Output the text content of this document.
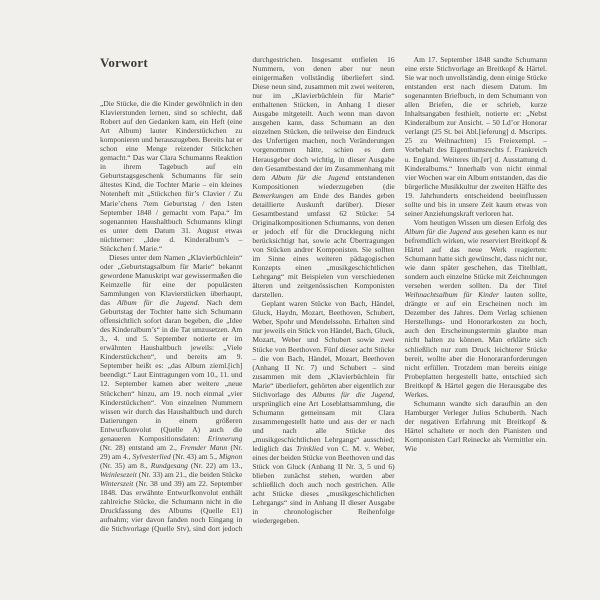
Vorwort

„Die Stücke, die die Kinder gewöhnlich in den Klavierstunden lernen, sind so schlecht, daß Robert auf den Gedanken kam, ein Heft (eine Art Album) lauter Kinderstückchen zu komponieren und herauszugeben. Bereits hat er schon eine Menge reizender Stückchen gemacht.“ Das war Clara Schumanns Reaktion in ihrem Tagebuch auf ein Geburtstagsgeschenk Schumanns für sein ältestes Kind, die Tochter Marie – ein kleines Notenheft mit „Stückchen für’s Clavier / Zu Marie’chens 7tem Geburtstag / den 1sten September 1848 / gemacht vom Papa.“ Im sogenannten Haushaltbuch Schumanns klingt es unter dem Datum 31. August etwas nüchterner: „Idee d. Kinderalbum’s – Stückchen f. Marie.“

Dieses unter dem Namen „Klavierbüchlein“ oder „Geburtstagsalbum für Marie“ bekannt gewordene Manuskript war gewissermaßen die Keimzelle für eine der populärsten Sammlungen von Klavierstücken überhaupt, das Album für die Jugend. Nach dem Geburtstag der Tochter hatte sich Schumann offensichtlich sofort daran begeben, die „Idee des Kinderalbum’s“ in die Tat umzusetzen. Am 3., 4. und 5. September notierte er im erwähnten Haushaltbuch jeweils: „Viele Kinderstückchen“, und bereits am 9. September heißt es: „das Album zieml.[ich] beendigt.“ Laut Eintragungen vom 10., 11. und 12. September kamen aber weitere „neue Stückchen“ hinzu, am 19. noch einmal „vier Kinderstückchen“. Von einzelnen Nummern wissen wir durch das Haushaltbuch und durch Datierungen in einem größeren Entwurfkonvolut (Quelle A) auch die genaueren Kompositionsdaten: Erinnerung (Nr. 28) entstand am 2., Fremder Mann (Nr. 29) am 4., Sylvesterlied (Nr. 43) am 5., Mignon (Nr. 35) am 8., Rundgesang (Nr. 22) am 13., Weinlesezeit (Nr. 33) am 21., die beiden Stücke Winterszeit (Nr. 38 und 39) am 22. September 1848. Das erwähnte Entwurfkonvolut enthält zahlreiche Stücke, die Schumann nicht in die Druckfassung des Albums (Quelle E1) aufnahm; vier davon fanden noch Eingang in die Stichvorlage (Quelle Stv), sind dort jedoch durchgestrichen. Insgesamt entfielen 16 Nummern, von denen aber nur neun einigermaßen vollständig überliefert sind. Diese neun sind, zusammen mit zwei weiteren, nur im „Klavierbüchlein für Marie“ enthaltenen Stücken, in Anhang I dieser Ausgabe mitgeteilt. Auch wenn man davon ausgehen kann, dass Schumann an den einzelnen Stücken, die teilweise den Eindruck des Unfertigen machen, noch Veränderungen vorgenommen hätte, schien es dem Herausgeber doch wichtig, in dieser Ausgabe den Gesamtbestand der im Zusammenhang mit dem Album für die Jugend entstandenen Kompositionen wiederzugeben (die Bemerkungen am Ende des Bandes geben detaillierte Auskunft darüber). Dieser Gesamtbestand umfasst 62 Stücke: 54 Originalkompositionen Schumanns, von denen er jedoch elf für die Drucklegung nicht berücksichtigt hat, sowie acht Übertragungen von Stücken andrer Komponisten. Sie sollten im Sinne eines weiteren pädagogischen Konzepts einen „musikgeschichtlichen Lehrgang“ mit Beispielen von verschiedenen älteren und zeitgenössischen Komponisten darstellen.

Geplant waren Stücke von Bach, Händel, Gluck, Haydn, Mozart, Beethoven, Schubert, Weber, Spohr und Mendelssohn. Erhalten sind nur jeweils ein Stück von Händel, Bach, Gluck, Mozart, Weber und Schubert sowie zwei Stücke von Beethoven. Fünf dieser acht Stücke – die von Bach, Händel, Mozart, Beethoven (Anhang II Nr. 7) und Schubert – sind zusammen mit dem „Klavierbüchlein für Marie“ überliefert, gehörten aber eigentlich zur Stichvorlage des Albums für die Jugend, ursprünglich eine Art Loseblattsammlung, die Schumann gemeinsam mit Clara zusammengestellt hatte und aus der er nach und nach alle Stücke des „musikgeschichtlichen Lehrgangs“ ausschied; lediglich das Trinklied von C. M. v. Weber, eines der beiden Stücke von Beethoven und das Stück von Gluck (Anhang II Nr. 3, 5 und 6) blieben zunächst stehen, wurden aber schließlich doch auch noch gestrichen. Alle acht Stücke dieses „musikgeschichtlichen Lehrgangs“ sind in Anhang II dieser Ausgabe in chronologischer Reihenfolge wiedergegeben.

Am 17. September 1848 sandte Schumann eine erste Stichvorlage an Breitkopf & Härtel. Sie war noch unvollständig, denn einige Stücke entstanden erst nach diesem Datum. Im sogenannten Briefbuch, in dem Schumann von allen Briefen, die er schrieb, kurze Inhaltsangaben festhielt, notierte er: „Nebst Kinderalbum zur Ansicht. – 50 Ld’or Honorar verlangt (25 St. bei Abl.[ieferung] d. Mscripts. 25 zu Weihnachten) 15 Freiexempl. – Vorbehalt des Eigenthumsrechts f. Frankreich u. England. Weiteres üb.[er] d. Ausstattung d. Kinderalbums.“ Innerhalb von nicht einmal vier Wochen war ein Album entstanden, das die bürgerliche Musikkultur der zweiten Hälfte des 19. Jahrhunderts entscheidend beeinflussen sollte und bis in unsere Zeit kaum etwas von seiner Anziehungskraft verloren hat.

Vom heutigen Wissen um diesen Erfolg des Album für die Jugend aus gesehen kann es nur befremdlich wirken, wie reserviert Breitkopf & Härtel auf das neue Werk reagierten: Schumann hatte sich gewünscht, dass nicht nur, wie dann später geschehen, das Titelblatt, sondern auch einzelne Stücke mit Zeichnungen versehen werden sollten. Da der Titel Weihnachtsalbum für Kinder lauten sollte, drängte er auf ein Erscheinen noch im Dezember des Jahres. Dem Verlag schienen Herstellungs- und Honorarkosten zu hoch, auch den Erscheinungstermin glaubte man nicht halten zu können. Man erklärte sich schließlich nur zum Druck leichterer Stücke bereit, wollte aber die Honoraranforderungen nicht erfüllen. Trotzdem man bereits einige Probeplatten hergestellt hatte, entschied sich Breitkopf & Härtel gegen die Herausgabe des Werkes.

Schumann wandte sich daraufhin an den Hamburger Verleger Julius Schuberth. Nach der negativen Erfahrung mit Breitkopf & Härtel schaltete er noch den Pianisten und Komponisten Carl Reinecke als Vermittler ein. Wie
